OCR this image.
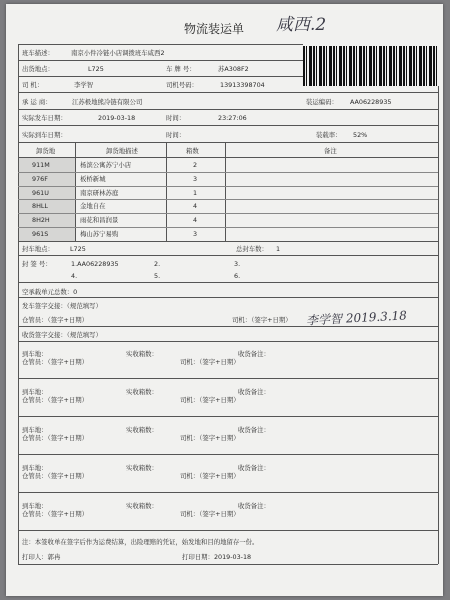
物流装运单 咸西.2
班车描述：	南京小件冷链小店调拨班车咸西2
出货地点：	L725	车 牌 号：	苏A308F2
司 机：	李学智	司机号码：	13913398704
承 运 商：	江苏极地熊冷链有限公司	装运编码： AA06228935
实际发车日期：	2019-03-18	时间：	23:27:06
实际到车日期：	时间：	装载率： 52%
卸货地	卸货地描述	箱数	备注
911M	杨滨公寓苏宁小店	2
976F	板桥新城	3
961U	南京研林苏庭	1
8HLL	金地自在	4
8H2H	雨花和昌润景	4
961S	梅山苏宁易购	3
封车地点：	L725	总封车数： 1
封 签 号：	1.AA06228935	2.	3.
4.	5.	6.
空承载单元总数：0
发车签字交接：（规范填写）
仓管员：（签字+日期）	司机：（签字+日期） 李学智 2019.3.18
收货签字交接：（规范填写）
到车地：
仓管员：（签字+日期）
实收箱数：	收货备注：
司机：（签字+日期）
到车地：
仓管员：（签字+日期）
实收箱数：	收货备注：
司机：（签字+日期）
到车地：
仓管员：（签字+日期）
实收箱数：	收货备注：
司机：（签字+日期）
到车地：
仓管员：（签字+日期）
实收箱数：	收货备注：
司机：（签字+日期）
到车地：
仓管员：（签字+日期）
实收箱数：	收货备注：
司机：（签字+日期）
注：本签收单在签字后作为运费结算，出险理赔的凭证，始发地和目的地留存一份。
打印人：郭冉	打印日期：2019-03-18
